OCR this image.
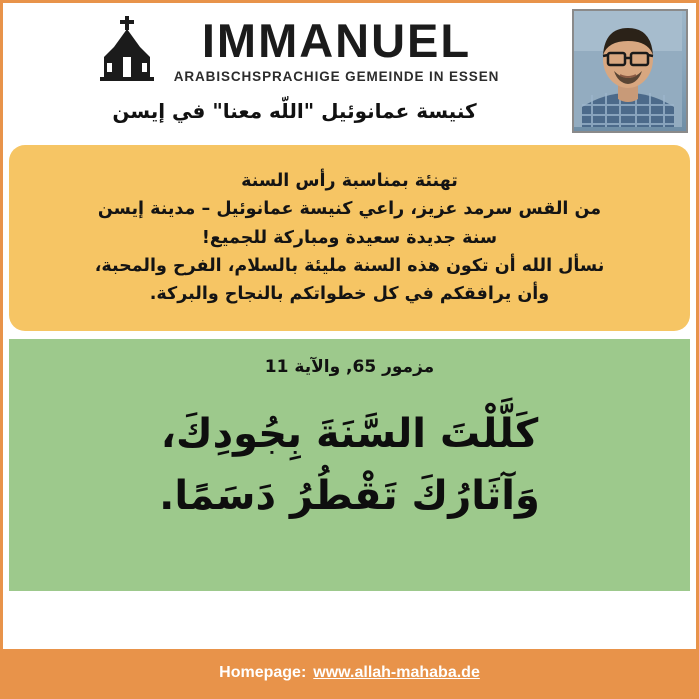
IMMANUEL
ARABISCHSPRACHIGE GEMEINDE IN ESSEN
كنيسة عمانوئيل "اللّه معنا" في إيسن
تهنئة بمناسبة رأس السنة
من القس سرمد عزيز، راعي كنيسة عمانوئيل – مدينة إيسن
سنة جديدة سعيدة ومباركة للجميع!
نسأل الله أن تكون هذه السنة مليئة بالسلام، الفرح والمحبة،
وأن يرافقكم في كل خطواتكم بالنجاح والبركة.
مزمور 65, والآية 11
كَلَّلْتَ السَّنَةَ بِجُودِكَ،
وَآثَارُكَ تَقْطُرُ دَسَمًا.
Homepage: www.allah-mahaba.de
